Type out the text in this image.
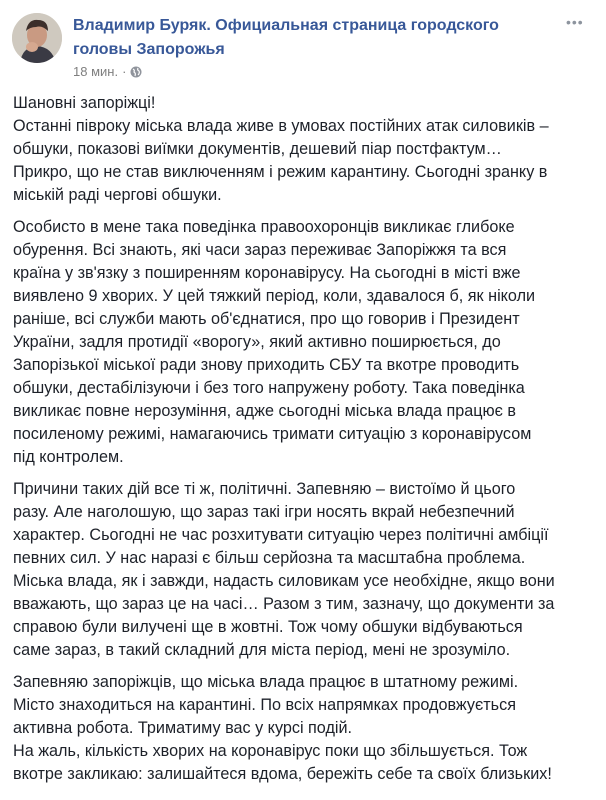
Владимир Буряк. Официальная страница городского головы Запорожья
18 мин. ·
•••
Шановні запоріжці!
Останні півроку міська влада живе в умовах постійних атак силовиків –
обшуки, показові виїмки документів, дешевий піар постфактум…
Прикро, що не став виключенням і режим карантину. Сьогодні зранку в
міській раді чергові обшуки.
Особисто в мене така поведінка правоохоронців викликає глибоке
обурення. Всі знають, які часи зараз переживає Запоріжжя та вся
країна у зв'язку з поширенням коронавірусу. На сьогодні в місті вже
виявлено 9 хворих. У цей тяжкий період, коли, здавалося б, як ніколи
раніше, всі служби мають об'єднатися, про що говорив і Президент
України, задля протидії «ворогу», який активно поширюється, до
Запорізької міської ради знову приходить СБУ та вкотре проводить
обшуки, дестабілізуючи і без того напружену роботу. Така поведінка
викликає повне нерозуміння, адже сьогодні міська влада працює в
посиленому режимі, намагаючись тримати ситуацію з коронавірусом
під контролем.
Причини таких дій все ті ж, політичні. Запевняю – вистоїмо й цього
разу. Але наголошую, що зараз такі ігри носять вкрай небезпечний
характер. Сьогодні не час розхитувати ситуацію через політичні амбіції
певних сил. У нас наразі є більш серйозна та масштабна проблема.
Міська влада, як і завжди, надасть силовикам усе необхідне, якщо вони
вважають, що зараз це на часі… Разом з тим, зазначу, що документи за
справою були вилучені ще в жовтні. Тож чому обшуки відбуваються
саме зараз, в такий складний для міста період, мені не зрозуміло.
Запевняю запоріжців, що міська влада працює в штатному режимі.
Місто знаходиться на карантині. По всіх напрямках продовжується
активна робота. Триматиму вас у курсі подій.
На жаль, кількість хворих на коронавірус поки що збільшується. Тож
вкотре закликаю: залишайтеся вдома, бережіть себе та своїх близьких!
